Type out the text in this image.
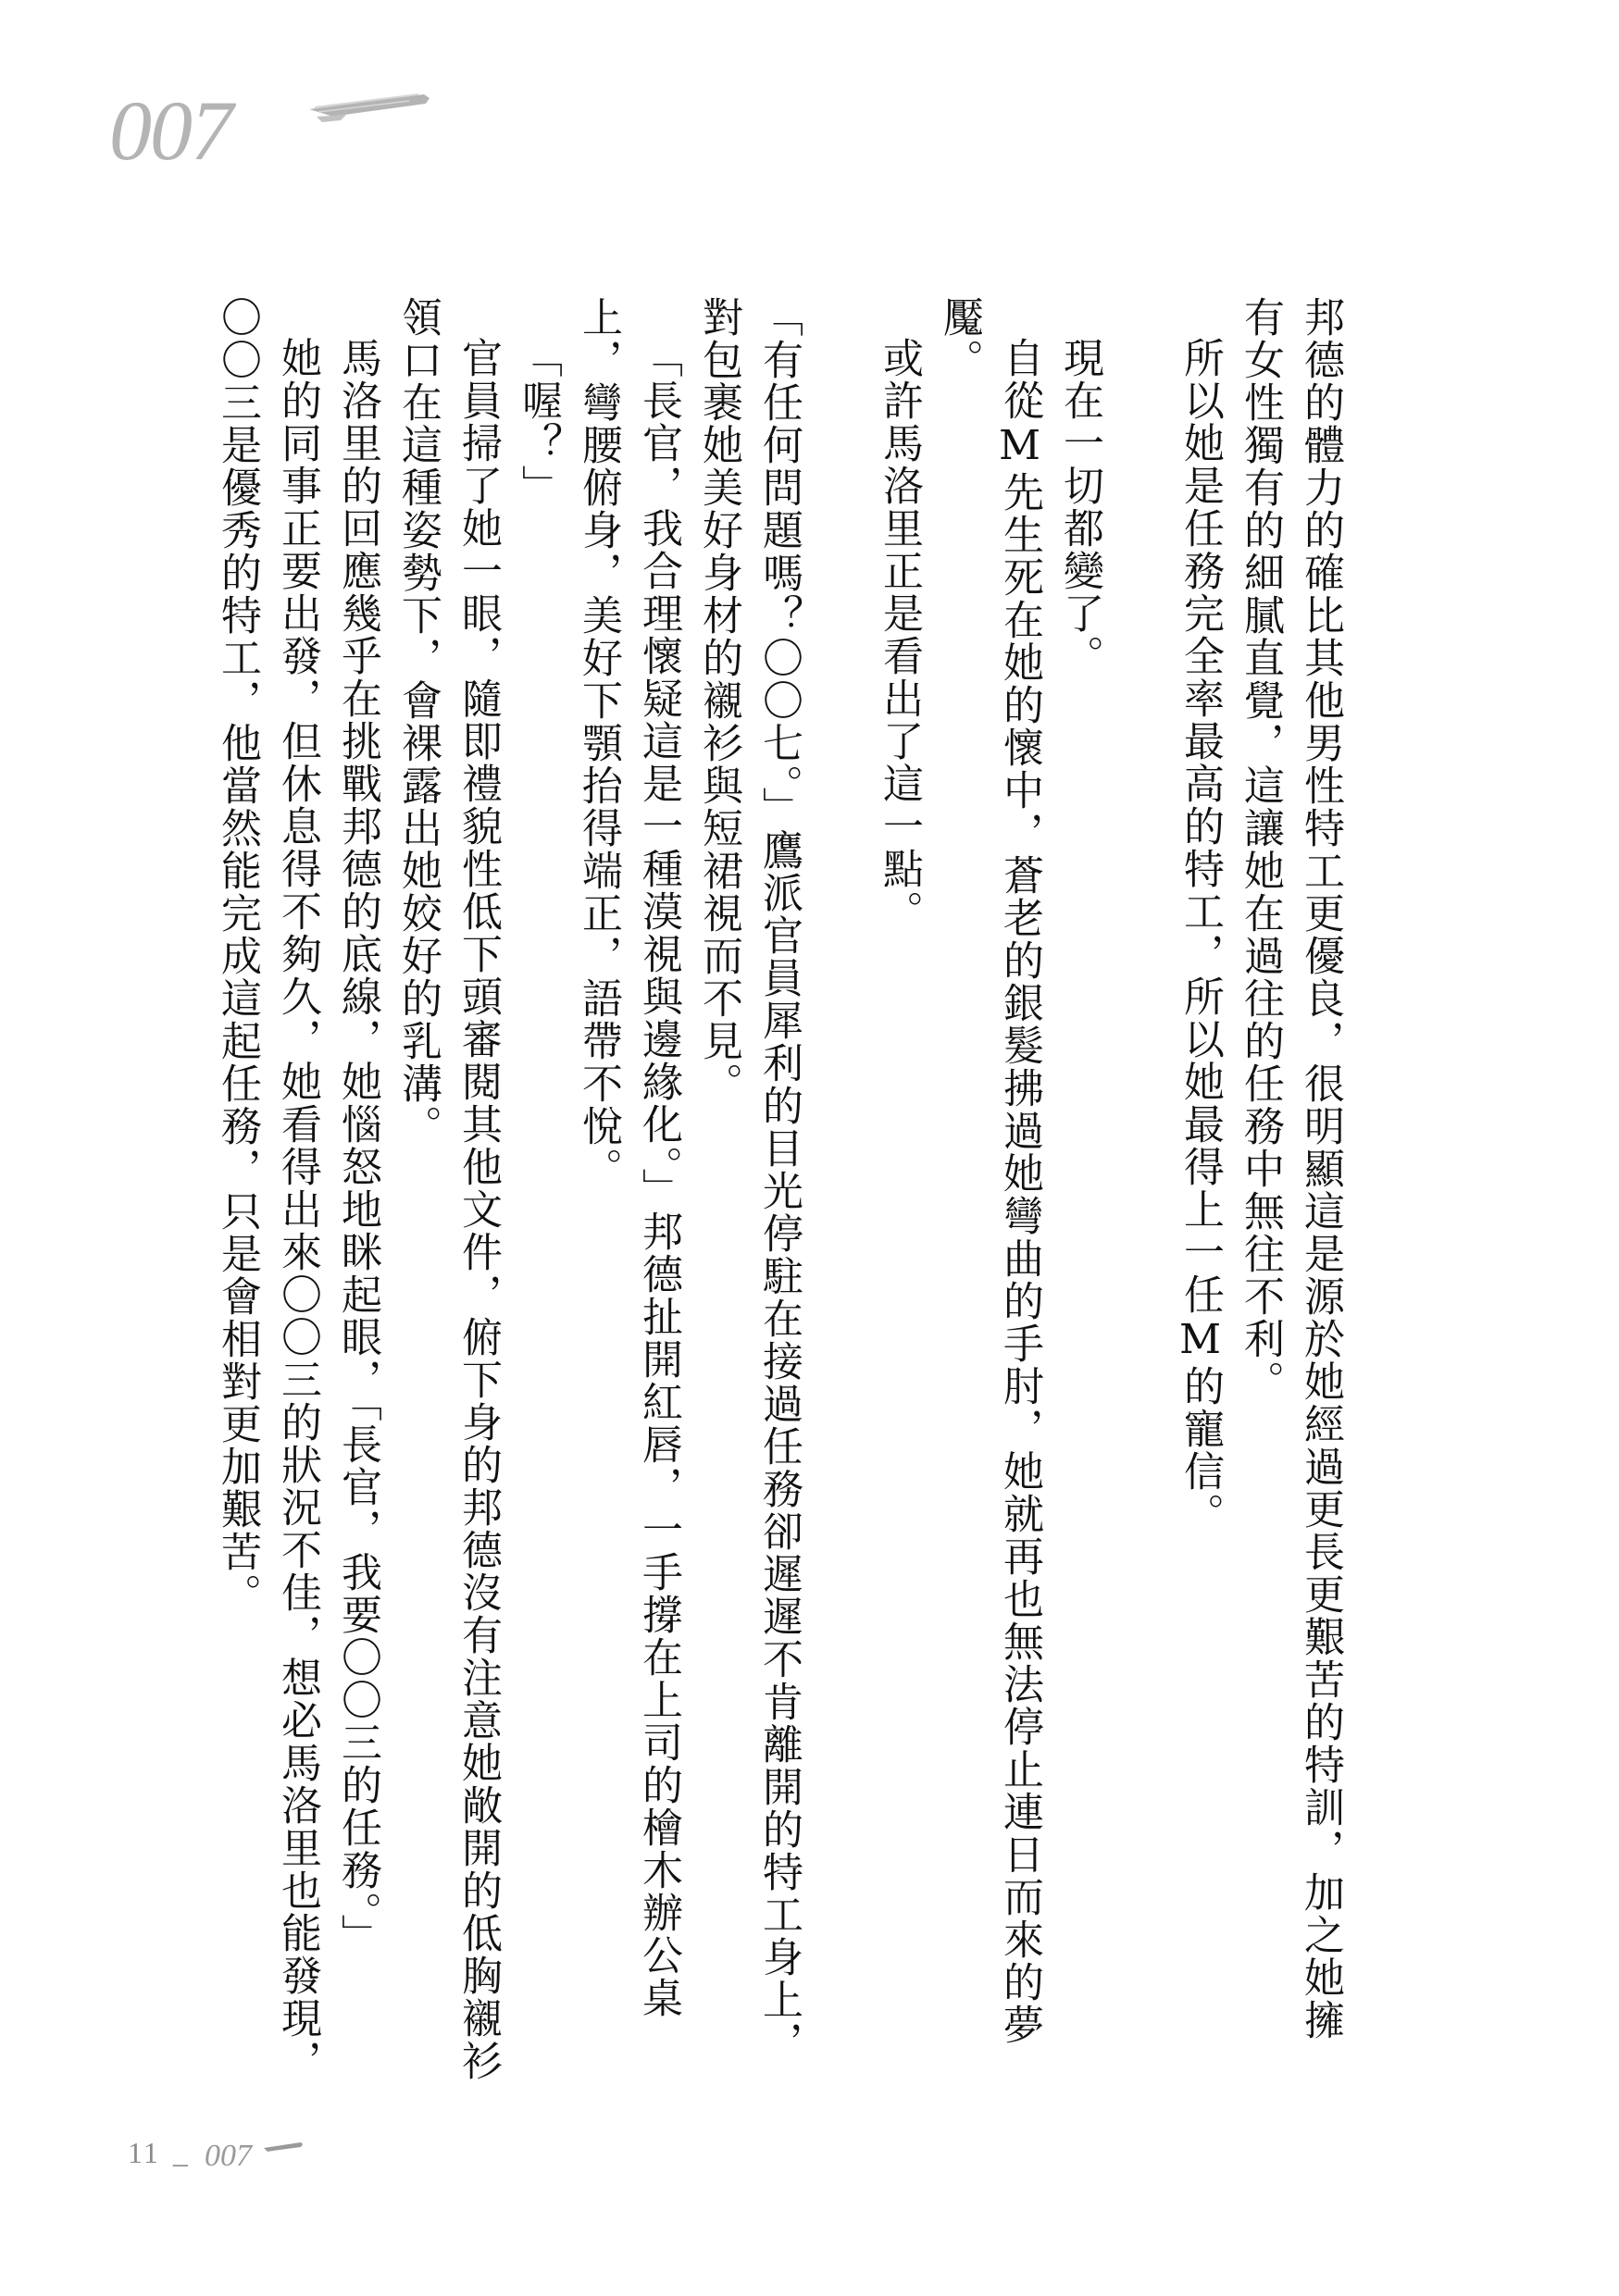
007

邦德的體力的確比其他男性特工更優良，很明顯這是源於她經過更長更艱苦的特訓，加之她擁有女性獨有的細膩直覺，這讓她在過往的任務中無往不利。

所以她是任務完全率最高的特工，所以她最得上一任M的寵信。

現在一切都變了。

自從M先生死在她的懷中，蒼老的銀髮拂過她彎曲的手肘，她就再也無法停止連日而來的夢魘。

或許馬洛里正是看出了這一點。

「有任何問題嗎？〇〇七。」鷹派官員犀利的目光停駐在接過任務卻遲遲不肯離開的特工身上，對包裹她美好身材的襯衫與短裙視而不見。

「長官，我合理懷疑這是一種漠視與邊緣化。」邦德扯開紅唇，一手撐在上司的檜木辦公桌上，彎腰俯身，美好下顎抬得端正，語帶不悅。

「喔？」

官員掃了她一眼，隨即禮貌性低下頭審閱其他文件，俯下身的邦德沒有注意她敞開的低胸襯衫領口在這種姿勢下，會裸露出她姣好的乳溝。

馬洛里的回應幾乎在挑戰邦德的底線，她惱怒地眯起眼，「長官，我要〇〇三的任務。」

她的同事正要出發，但休息得不夠久，她看得出來〇〇三的狀況不佳，想必馬洛里也能發現，〇〇三是優秀的特工，他當然能完成這起任務，只是會相對更加艱苦。

11 _ 007
